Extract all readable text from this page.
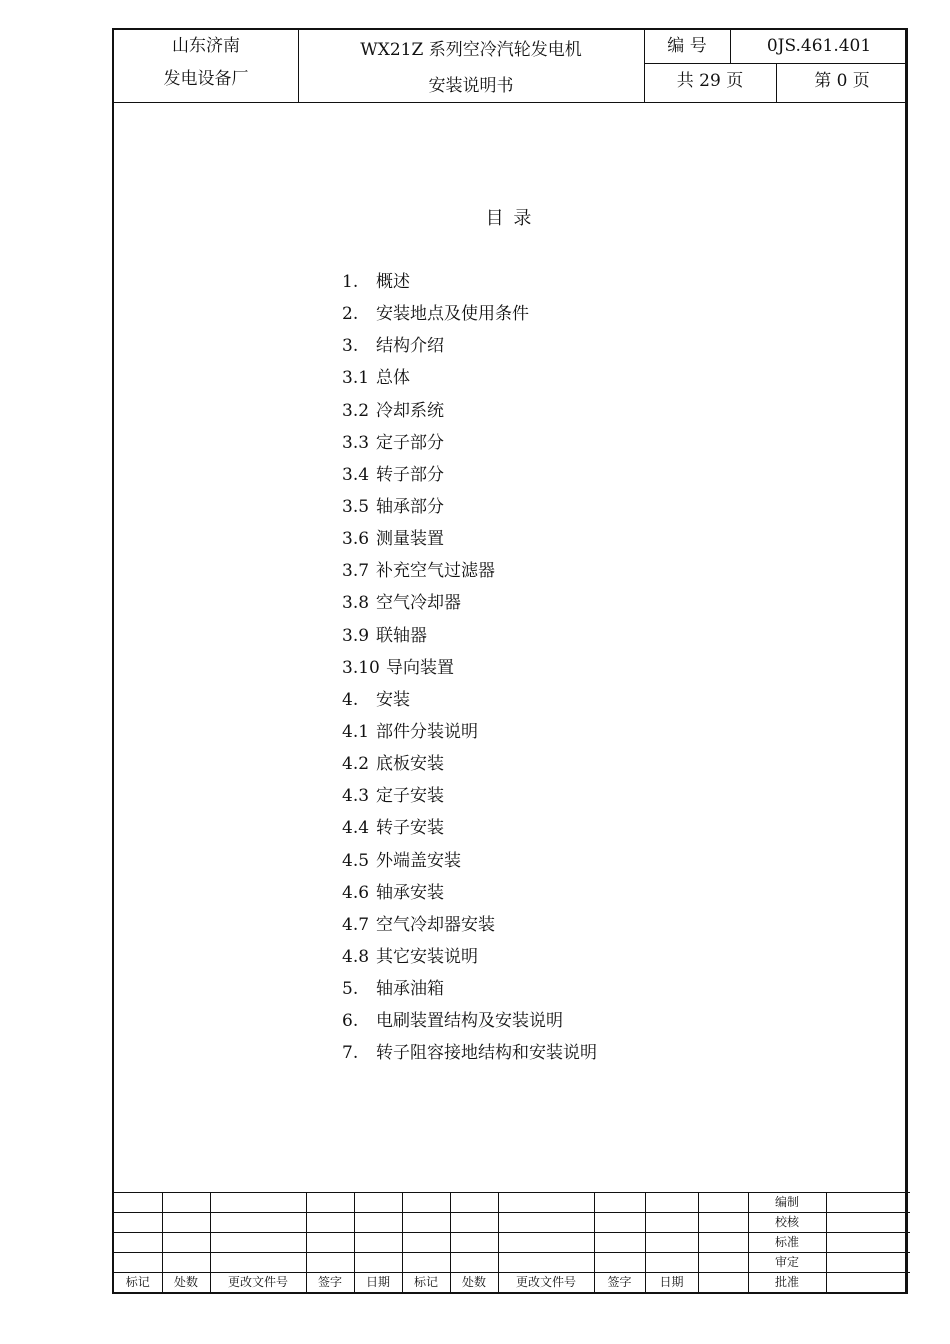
山东济南
发电设备厂
WX21Z 系列空冷汽轮发电机
安装说明书
编 号	0JS.461.401
共 29 页	第 0 页
目 录
1. 概述
2. 安装地点及使用条件
3. 结构介绍
3.1 总体
3.2 冷却系统
3.3 定子部分
3.4 转子部分
3.5 轴承部分
3.6 测量装置
3.7 补充空气过滤器
3.8 空气冷却器
3.9 联轴器
3.10 导向装置
4. 安装
4.1 部件分装说明
4.2 底板安装
4.3 定子安装
4.4 转子安装
4.5 外端盖安装
4.6 轴承安装
4.7 空气冷却器安装
4.8 其它安装说明
5. 轴承油箱
6. 电刷装置结构及安装说明
7. 转子阻容接地结构和安装说明
											编制	
											校核	
											标准	
											审定	
标记	处数	更改文件号	签字	日期	标记	处数	更改文件号	签字	日期		批准	
